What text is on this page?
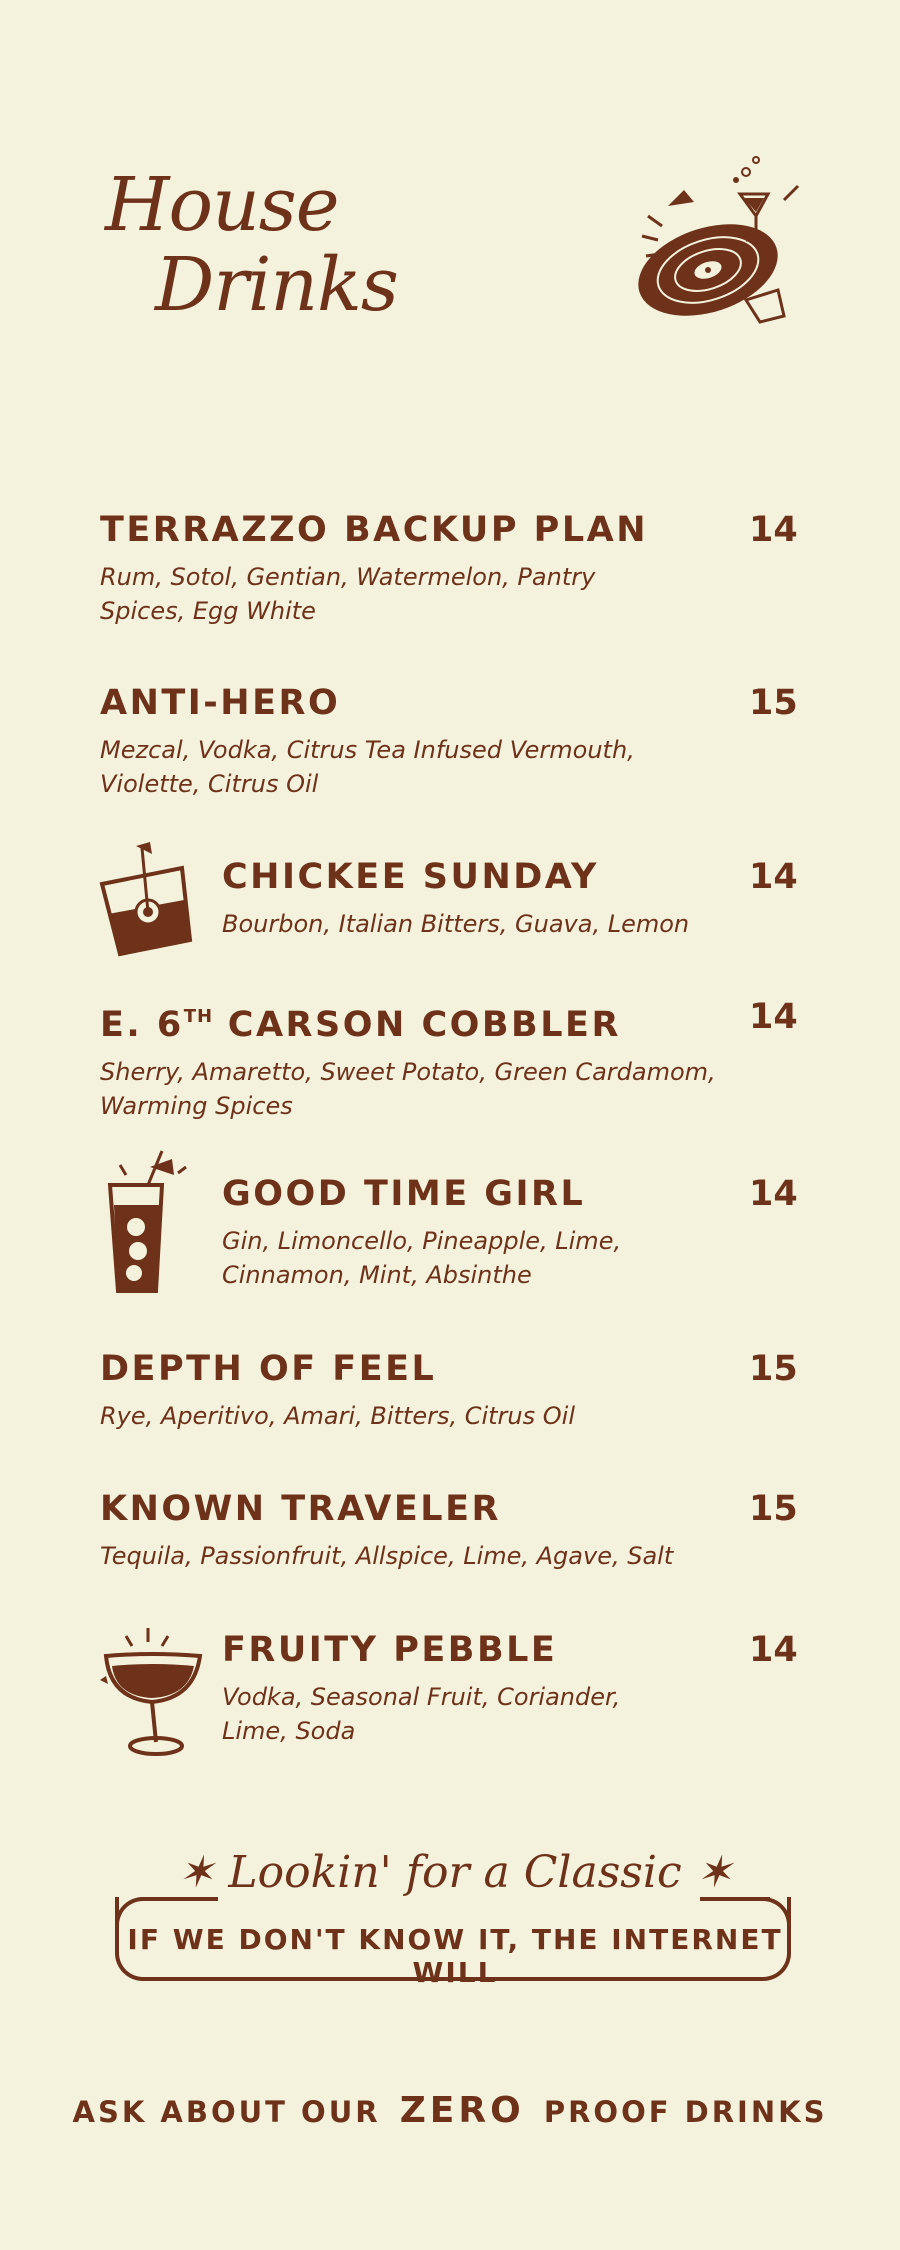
House
Drinks
TERRAZZO BACKUP PLAN	14
Rum, Sotol, Gentian, Watermelon, Pantry
Spices, Egg White
ANTI-HERO	15
Mezcal, Vodka, Citrus Tea Infused Vermouth,
Violette, Citrus Oil
CHICKEE SUNDAY	14
Bourbon, Italian Bitters, Guava, Lemon
E. 6TH CARSON COBBLER	14
Sherry, Amaretto, Sweet Potato, Green Cardamom,
Warming Spices
GOOD TIME GIRL	14
Gin, Limoncello, Pineapple, Lime,
Cinnamon, Mint, Absinthe
DEPTH OF FEEL	15
Rye, Aperitivo, Amari, Bitters, Citrus Oil
KNOWN TRAVELER	15
Tequila, Passionfruit, Allspice, Lime, Agave, Salt
FRUITY PEBBLE	14
Vodka, Seasonal Fruit, Coriander,
Lime, Soda
✶ Lookin' for a Classic ✶
IF WE DON'T KNOW IT, THE INTERNET WILL
ASK ABOUT OUR ZERO PROOF DRINKS
